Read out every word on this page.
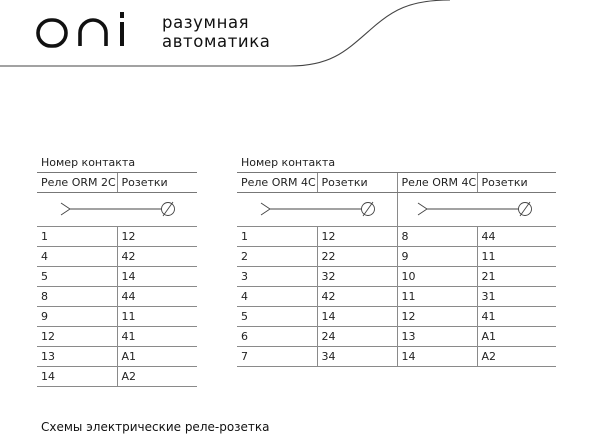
разумная
автоматика
Номер контакта	
Реле ORM 2C	Розетки

1	12
4	42
5	14
8	44
9	11
12	41
13	A1
14	A2
Номер контакта			
Реле ORM 4C	Розетки	Реле ORM 4C	Розетки

1	12	8	44
2	22	9	11
3	32	10	21
4	42	11	31
5	14	12	41
6	24	13	A1
7	34	14	A2
Схемы электрические реле-розетка
